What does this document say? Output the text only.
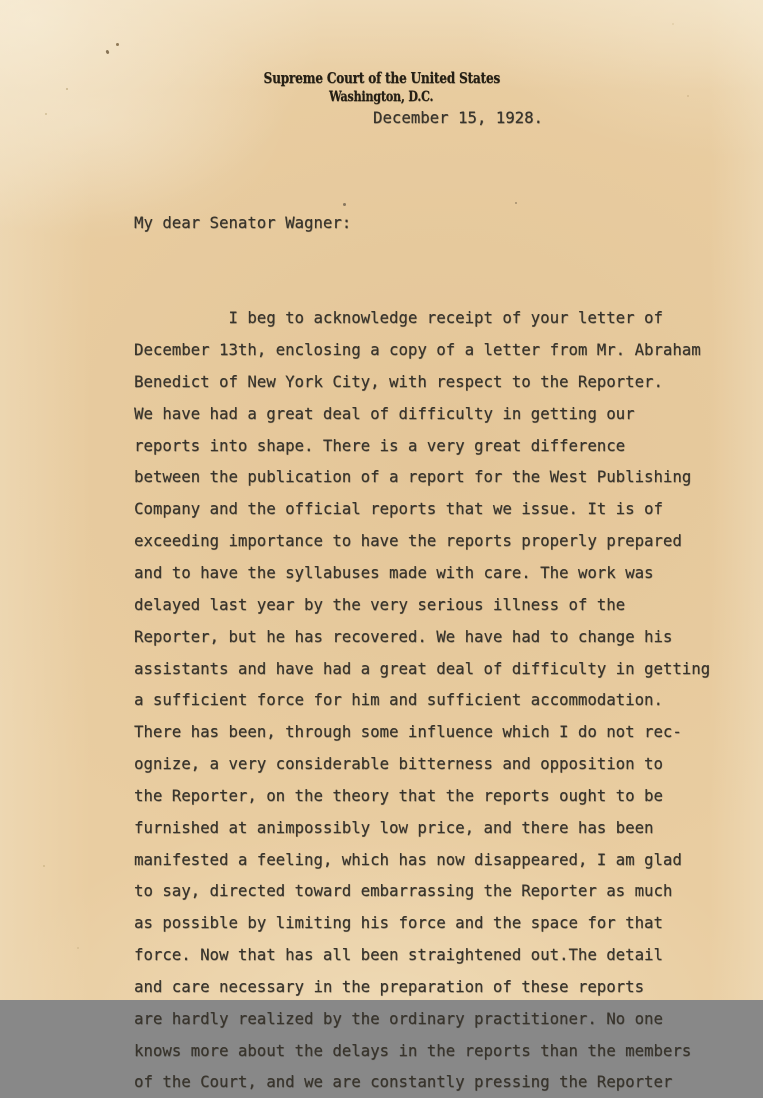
Supreme Court of the United States
Washington, D.C.
December 15, 1928.

My dear Senator Wagner:

I beg to acknowledge receipt of your letter of
December 13th, enclosing a copy of a letter from Mr. Abraham
Benedict of New York City, with respect to the Reporter.
We have had a great deal of difficulty in getting our
reports into shape. There is a very great difference
between the publication of a report for the West Publishing
Company and the official reports that we issue. It is of
exceeding importance to have the reports properly prepared
and to have the syllabuses made with care. The work was
delayed last year by the very serious illness of the
Reporter, but he has recovered. We have had to change his
assistants and have had a great deal of difficulty in getting
a sufficient force for him and sufficient accommodation.
There has been, through some influence which I do not rec-
ognize, a very considerable bitterness and opposition to
the Reporter, on the theory that the reports ought to be
furnished at animpossibly low price, and there has been
manifested a feeling, which has now disappeared, I am glad
to say, directed toward embarrassing the Reporter as much
as possible by limiting his force and the space for that
force. Now that has all been straightened out.The detail
and care necessary in the preparation of these reports
are hardly realized by the ordinary practitioner. No one
knows more about the delays in the reports than the members
of the Court, and we are constantly pressing the Reporter
